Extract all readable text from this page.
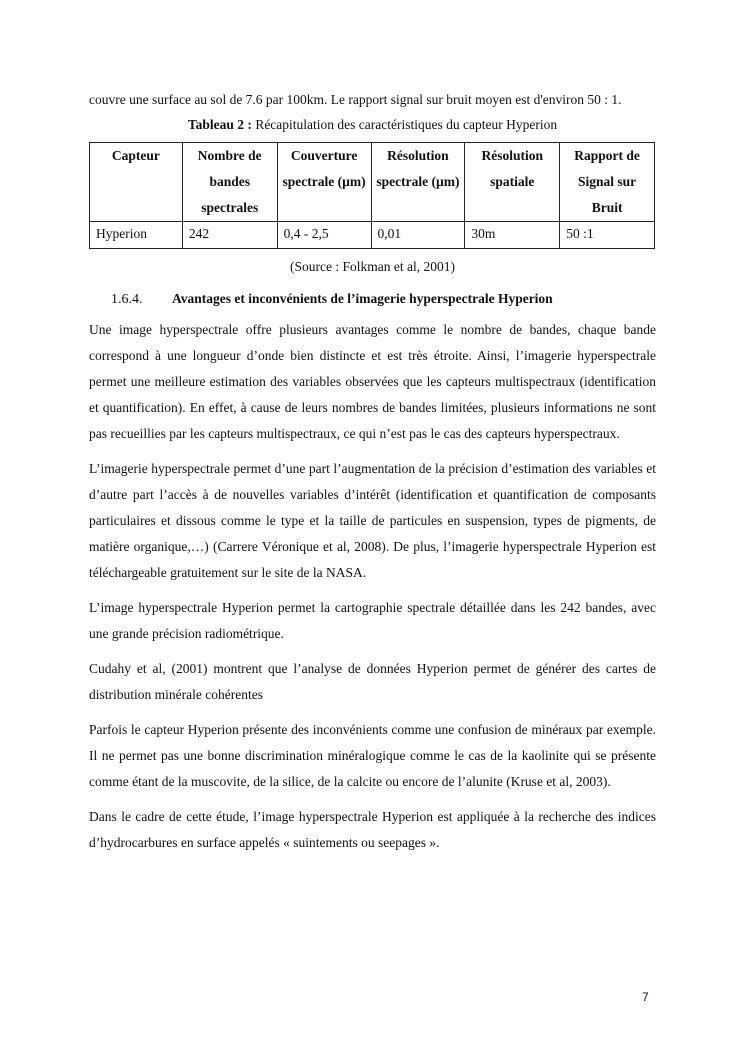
couvre une surface au sol de 7.6 par 100km. Le rapport signal sur bruit moyen est d'environ 50 : 1.

Tableau 2 : Récapitulation des caractéristiques du capteur Hyperion
Capteur	Nombre de bandes spectrales	Couverture spectrale (µm)	Résolution spectrale (µm)	Résolution spatiale	Rapport de Signal sur Bruit
Hyperion	242	0,4 - 2,5	0,01	30m	50 :1
(Source : Folkman et al, 2001)
1.6.4. Avantages et inconvénients de l’imagerie hyperspectrale Hyperion

Une image hyperspectrale offre plusieurs avantages comme le nombre de bandes, chaque bande correspond à une longueur d’onde bien distincte et est très étroite. Ainsi, l’imagerie hyperspectrale permet une meilleure estimation des variables observées que les capteurs multispectraux (identification et quantification). En effet, à cause de leurs nombres de bandes limitées, plusieurs informations ne sont pas recueillies par les capteurs multispectraux, ce qui n’est pas le cas des capteurs hyperspectraux.

L’imagerie hyperspectrale permet d’une part l’augmentation de la précision d’estimation des variables et d’autre part l’accès à de nouvelles variables d’intérêt (identification et quantification de composants particulaires et dissous comme le type et la taille de particules en suspension, types de pigments, de matière organique,…) (Carrere Véronique et al, 2008). De plus, l’imagerie hyperspectrale Hyperion est téléchargeable gratuitement sur le site de la NASA.

L’image hyperspectrale Hyperion permet la cartographie spectrale détaillée dans les 242 bandes, avec une grande précision radiométrique.

Cudahy et al, (2001) montrent que l’analyse de données Hyperion permet de générer des cartes de distribution minérale cohérentes

Parfois le capteur Hyperion présente des inconvénients comme une confusion de minéraux par exemple. Il ne permet pas une bonne discrimination minéralogique comme le cas de la kaolinite qui se présente comme étant de la muscovite, de la silice, de la calcite ou encore de l’alunite (Kruse et al, 2003).

Dans le cadre de cette étude, l’image hyperspectrale Hyperion est appliquée à la recherche des indices d’hydrocarbures en surface appelés « suintements ou seepages ».

7
